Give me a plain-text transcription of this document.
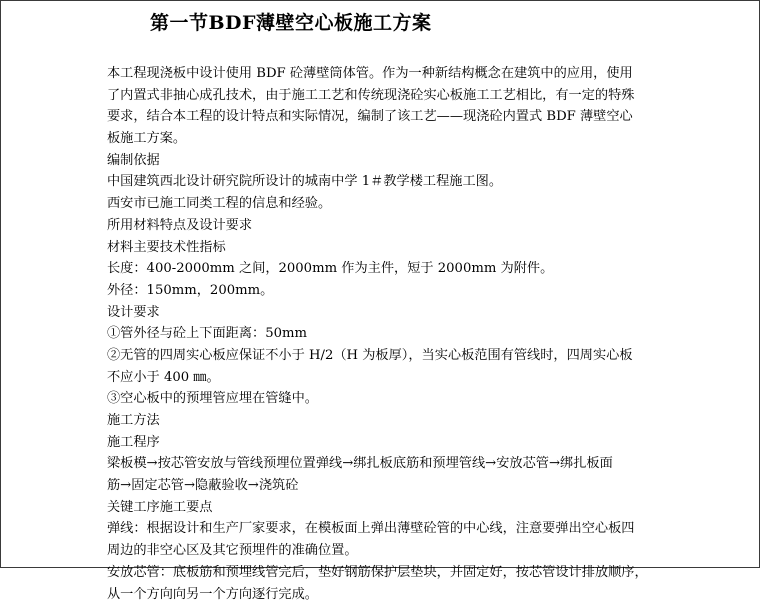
第一节BDF薄壁空心板施工方案
本工程现浇板中设计使用 BDF 砼薄壁筒体管。作为一种新结构概念在建筑中的应用，使用
了内置式非抽心成孔技术，由于施工工艺和传统现浇砼实心板施工工艺相比，有一定的特殊
要求，结合本工程的设计特点和实际情况，编制了该工艺——现浇砼内置式 BDF 薄壁空心
板施工方案。
编制依据
中国建筑西北设计研究院所设计的城南中学 1＃教学楼工程施工图。
西安市已施工同类工程的信息和经验。
所用材料特点及设计要求
材料主要技术性指标
长度：400-2000mm 之间，2000mm 作为主件，短于 2000mm 为附件。
外径：150mm，200mm。
设计要求
①管外径与砼上下面距离：50mm
②无管的四周实心板应保证不小于 H/2（H 为板厚），当实心板范围有管线时，四周实心板
不应小于 400 ㎜。
③空心板中的预埋管应埋在管缝中。
施工方法
施工程序
梁板模→按芯管安放与管线预埋位置弹线→绑扎板底筋和预埋管线→安放芯管→绑扎板面
筋→固定芯管→隐蔽验收→浇筑砼
关键工序施工要点
弹线：根据设计和生产厂家要求，在模板面上弹出薄壁砼管的中心线，注意要弹出空心板四
周边的非空心区及其它预埋件的准确位置。
安放芯管：底板筋和预埋线管完后，垫好钢筋保护层垫块，并固定好，按芯管设计排放顺序，
从一个方向向另一个方向逐行完成。
